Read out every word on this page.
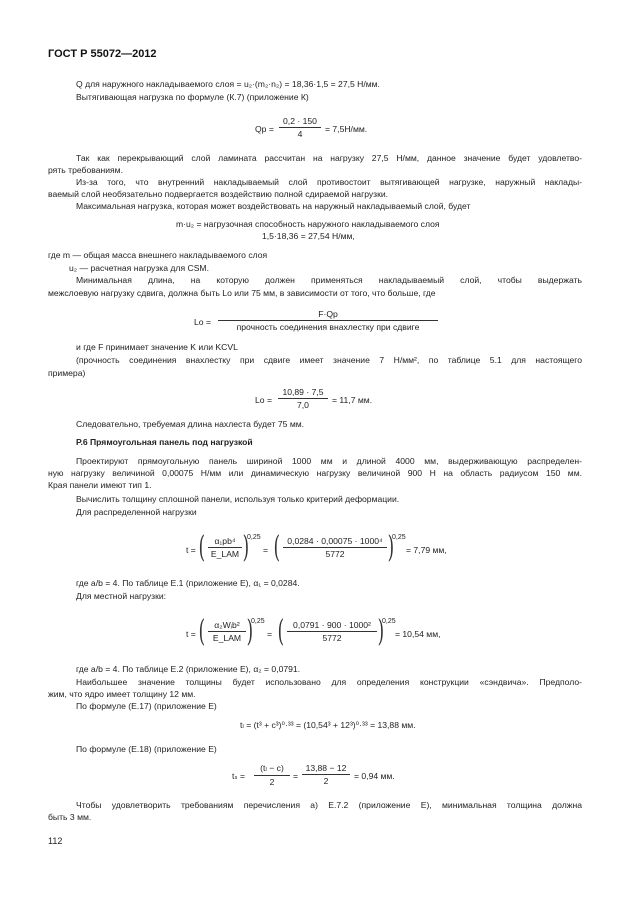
ГОСТ Р 55072—2012
Q для наружного накладываемого слоя = u₂·(m₂·n₂) = 18,36·1,5 = 27,5 Н/мм.
Вытягивающая нагрузка по формуле (К.7) (приложение К)
$Qp = \frac{0,2 \cdot 150}{4} = 7,5Н/мм$.
Так как перекрывающий слой ламината рассчитан на нагрузку 27,5 Н/мм, данное значение будет удовлетво-
рять требованиям.
Из-за того, что внутренний накладываемый слой противостоит вытягивающей нагрузке, наружный наклады-
ваемый слой необязательно подвергается воздействию полной сдираемой нагрузки.
Максимальная нагрузка, которая может воздействовать на наружный накладываемый слой, будет
m·u₂ = нагрузочная способность наружного накладываемого слоя
1,5·18,36 = 27,54 Н/мм,
где m — общая масса внешнего накладываемого слоя
u₂ — расчетная нагрузка для CSM.
Минимальная длина, на которую должен применяться накладываемый слой, чтобы выдержать
межслоевую нагрузку сдвига, должна быть Lo или 75 мм, в зависимости от того, что больше, где
Lo =
F·Qp
прочность соединения внахлестку при сдвиге
и где F принимает значение K или KCVL
(прочность соединения внахлестку при сдвиге имеет значение 7 Н/мм², по таблице 5.1 для настоящего
примера)
$Lo = \frac{10,89 \cdot 7,5}{7,0} = 11,7$ мм.
Следовательно, требуемая длина нахлеста будет 75 мм.
Р.6 Прямоугольная панель под нагрузкой
Проектируют прямоугольную панель шириной 1000 мм и длиной 4000 мм, выдерживающую распределен-
ную нагрузку величиной 0,00075 Н/мм или динамическую нагрузку величиной 900 Н на область радиусом 150 мм.
Края панели имеют тип 1.
Вычислить толщину сплошной панели, используя только критерий деформации.
Для распределенной нагрузки
t = (	α₁pb⁴
E_LAM )
0,25
= ( $\frac{\text{0,0284 · 0,00075 · 1000⁴}}{5772}$ )
0,25
= 7,79 мм,
где a/b = 4. По таблице Е.1 (приложение Е), α₁ = 0,0284.
Для местной нагрузки:
t = (	α₂Wᵢb²
E_LAM )
0,25
= ( $\frac{\text{0,0791 · 900 · 1000²}}{5772}$ )
0,25
= 10,54 мм,
где a/b = 4. По таблице Е.2 (приложение Е), α₂ = 0,0791.
Наибольшее значение толщины будет использовано для определения конструкции «сэндвича». Предполо-
жим, что ядро имеет толщину 12 мм.
По формуле (Е.17) (приложение Е)
tₗ = (t³ + c³)⁰·³³ = (10,54³ + 12³)⁰·³³ = 13,88 мм.
По формуле (Е.18) (приложение Е)
$t_s = \frac{\text{(tₗ − c)}}{2} = \frac{13,88 - 12}{2} = 0,94$ мм.
Чтобы удовлетворить требованиям перечисления а) Е.7.2 (приложение Е), минимальная толщина должна
быть 3 мм.
112
